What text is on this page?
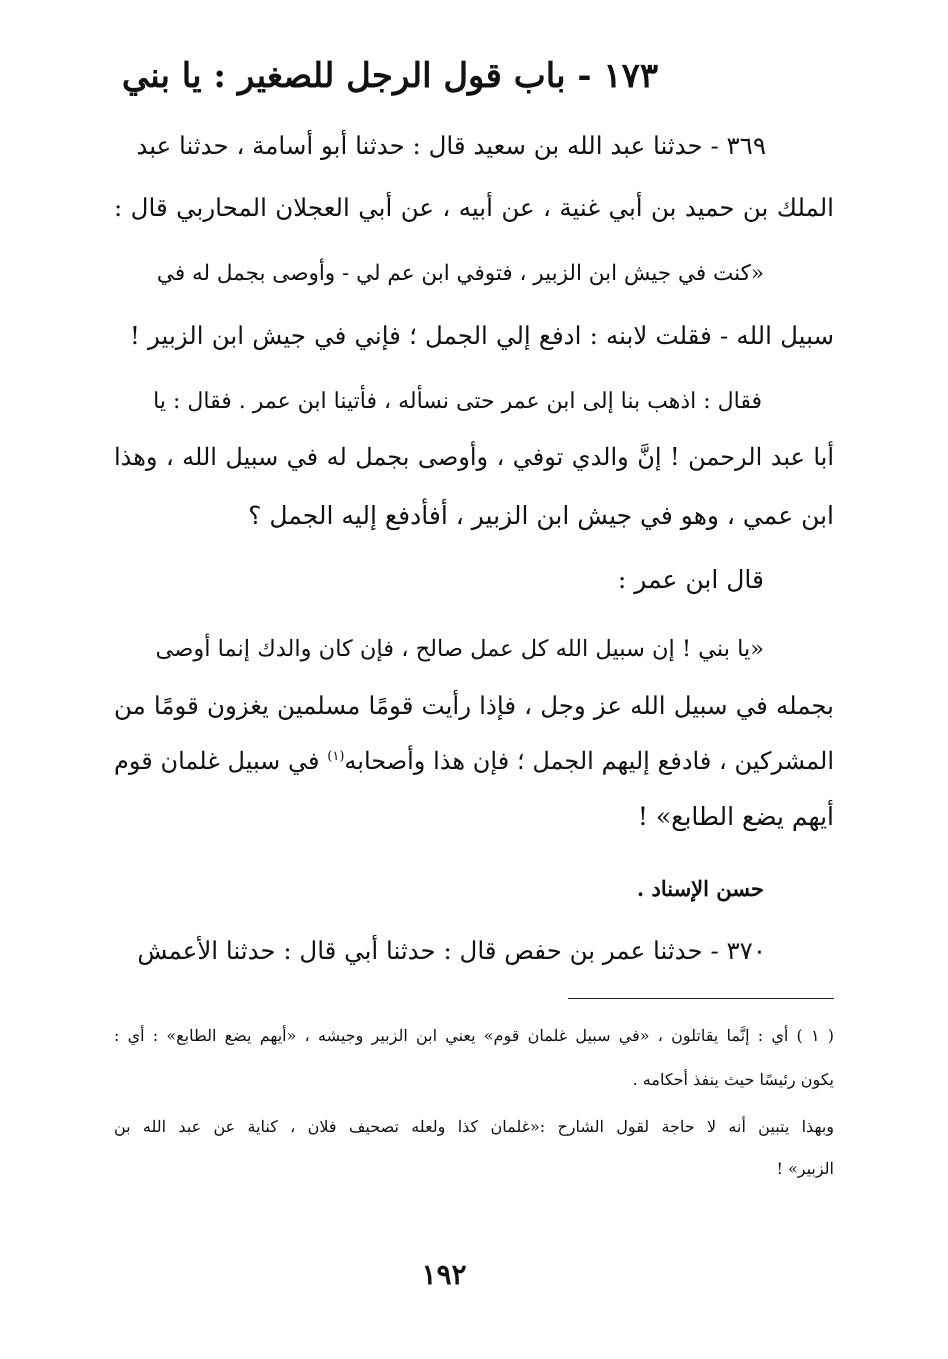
١٧٣ - باب قول الرجل للصغير : يا بني
٣٦٩ - حدثنا عبد الله بن سعيد قال : حدثنا أبو أسامة ، حدثنا عبد
الملك بن حميد بن أبي غنية ، عن أبيه ، عن أبي العجلان المحاربي قال :
«كنت في جيش ابن الزبير ، فتوفي ابن عم لي - وأوصى بجمل له في
سبيل الله - فقلت لابنه : ادفع إلي الجمل ؛ فإني في جيش ابن الزبير !
فقال : اذهب بنا إلى ابن عمر حتى نسأله ، فأتينا ابن عمر . فقال : يا
أبا عبد الرحمن ! إنَّ والدي توفي ، وأوصى بجمل له في سبيل الله ، وهذا
ابن عمي ، وهو في جيش ابن الزبير ، أفأدفع إليه الجمل ؟
قال ابن عمر :
«يا بني ! إن سبيل الله كل عمل صالح ، فإن كان والدك إنما أوصى
بجمله في سبيل الله عز وجل ، فإذا رأيت قومًا مسلمين يغزون قومًا من
المشركين ، فادفع إليهم الجمل ؛ فإن هذا وأصحابه$^{(١)}$ في سبيل غلمان قوم
أيهم يضع الطابع» !
حسن الإسناد .
٣٧٠ - حدثنا عمر بن حفص قال : حدثنا أبي قال : حدثنا الأعمش
( ١ ) أي : إنَّما يقاتلون ، «في سبيل غلمان قوم» يعني ابن الزبير وجيشه ، «أيهم يضع الطابع» : أي :
يكون رئيسًا حيث ينفذ أحكامه .
وبهذا يتبين أنه لا حاجة لقول الشارح :«غلمان كذا ولعله تصحيف فلان ، كناية عن عبد الله بن
الزبير» !
١٩٢
